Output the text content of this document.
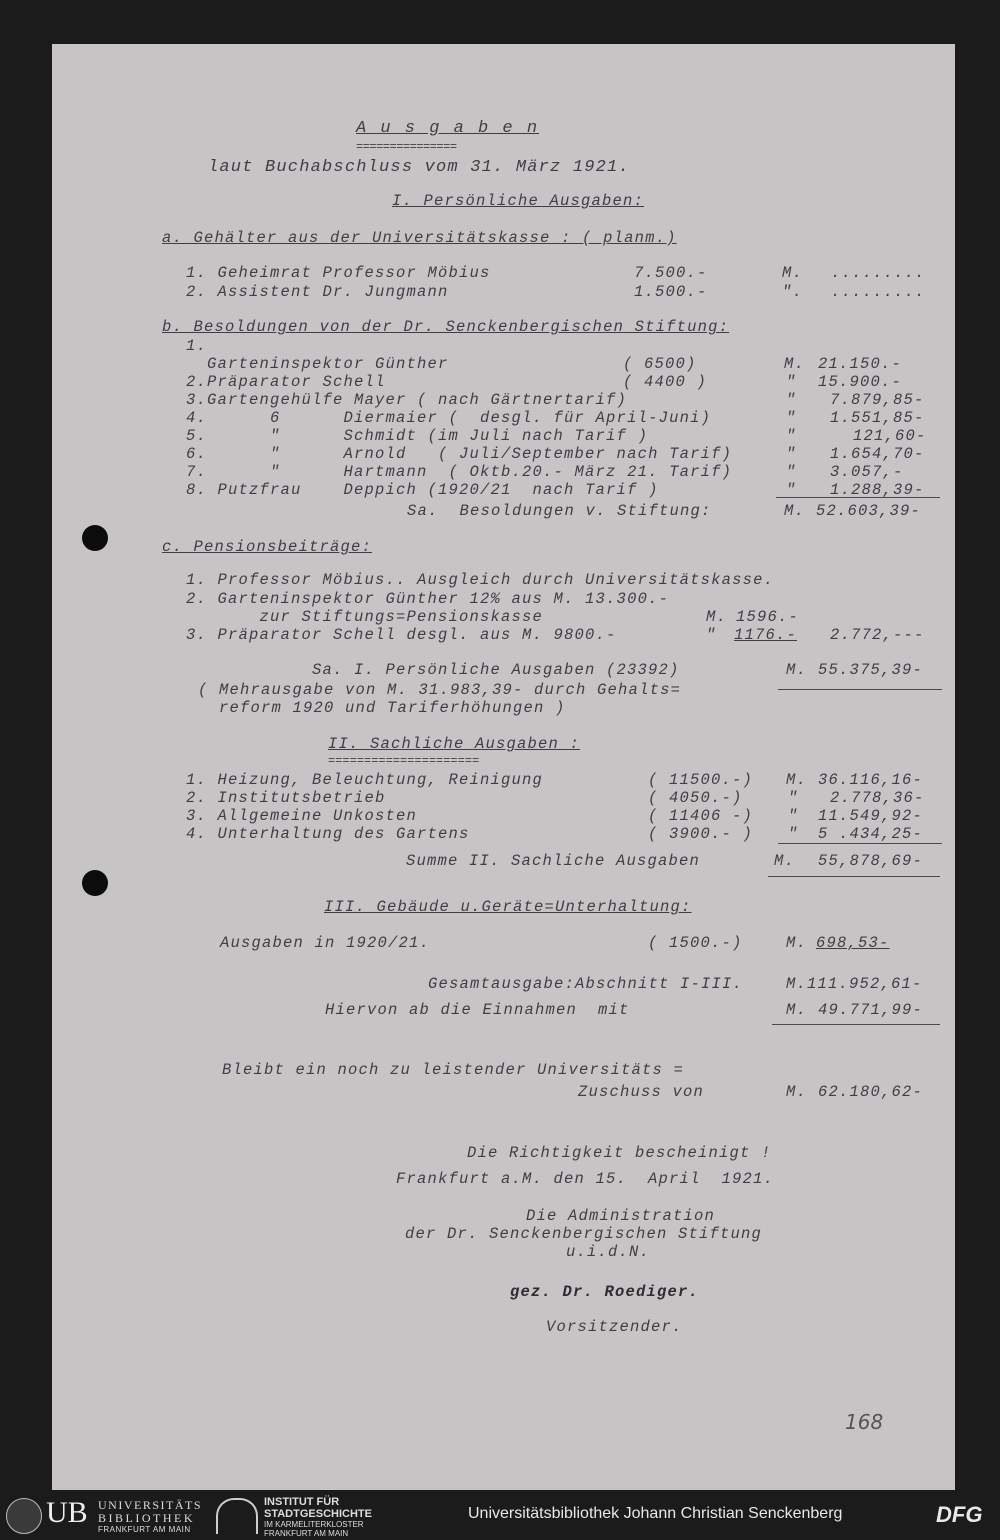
A u s g a b e n
===============
laut Buchabschluss vom 31. März 1921.
I. Persönliche Ausgaben:
a. Gehälter aus der Universitätskasse : ( planm.)
1. Geheimrat Professor Möbius	7.500.-	M. .........
2. Assistent Dr. Jungmann	1.500.-	". .........
b. Besoldungen von der Dr. Senckenbergischen Stiftung:
1.
Garteninspektor Günther	( 6500)	M. 21.150.-
2.Präparator Schell	( 4400 )	" 15.900.-
3.Gartengehülfe Mayer ( nach Gärtnertarif)	" 7.879,85-
4.      6      Diermaier (  desgl. für April-Juni)	" 1.551,85-
5.      "      Schmidt (im Juli nach Tarif )	"	121,60-
6.      "      Arnold   ( Juli/September nach Tarif)	" 1.654,70-
7.      "      Hartmann  ( Oktb.20.- März 21. Tarif)	" 3.057,-
8. Putzfrau    Deppich (1920/21  nach Tarif )	" 1.288,39-
Sa.  Besoldungen v. Stiftung:	M. 52.603,39-
c. Pensionsbeiträge:
1. Professor Möbius.. Ausgleich durch Universitätskasse.
2. Garteninspektor Günther 12% aus M. 13.300.-
zur Stiftungs=Pensionskasse	M. 1596.-
3. Präparator Schell desgl. aus M. 9800.-	" 1176.- 2.772,---
Sa. I. Persönliche Ausgaben (23392)	M. 55.375,39-
( Mehrausgabe von M. 31.983,39- durch Gehalts=
reform 1920 und Tariferhöhungen )
II. Sachliche Ausgaben :
=====================
1. Heizung, Beleuchtung, Reinigung	( 11500.-) M. 36.116,16-
2. Institutsbetrieb	( 4050.-)	" 2.778,36-
3. Allgemeine Unkosten	( 11406 -) " 11.549,92-
4. Unterhaltung des Gartens	( 3900.- ) " 5 .434,25-
Summe II. Sachliche Ausgaben	M. 55,878,69-
III. Gebäude u.Geräte=Unterhaltung:
Ausgaben in 1920/21.	( 1500.-)	M. 698,53-
Gesamtausgabe:Abschnitt I-III.	M.111.952,61-
Hiervon ab die Einnahmen  mit	M. 49.771,99-
Bleibt ein noch zu leistender Universitäts =
Zuschuss von	M. 62.180,62-
Die Richtigkeit bescheinigt !
Frankfurt a.M. den 15.  April  1921.
Die Administration
der Dr. Senckenbergischen Stiftung
u.i.d.N.
gez. Dr. Roediger.
Vorsitzender.
168
UB UNIVERSITÄTS
BIBLIOTHEK
FRANKFURT AM MAIN
INSTITUT FÜR
STADTGESCHICHTE
IM KARMELITERKLOSTER
FRANKFURT AM MAIN
Universitätsbibliothek Johann Christian Senckenberg	DFG
